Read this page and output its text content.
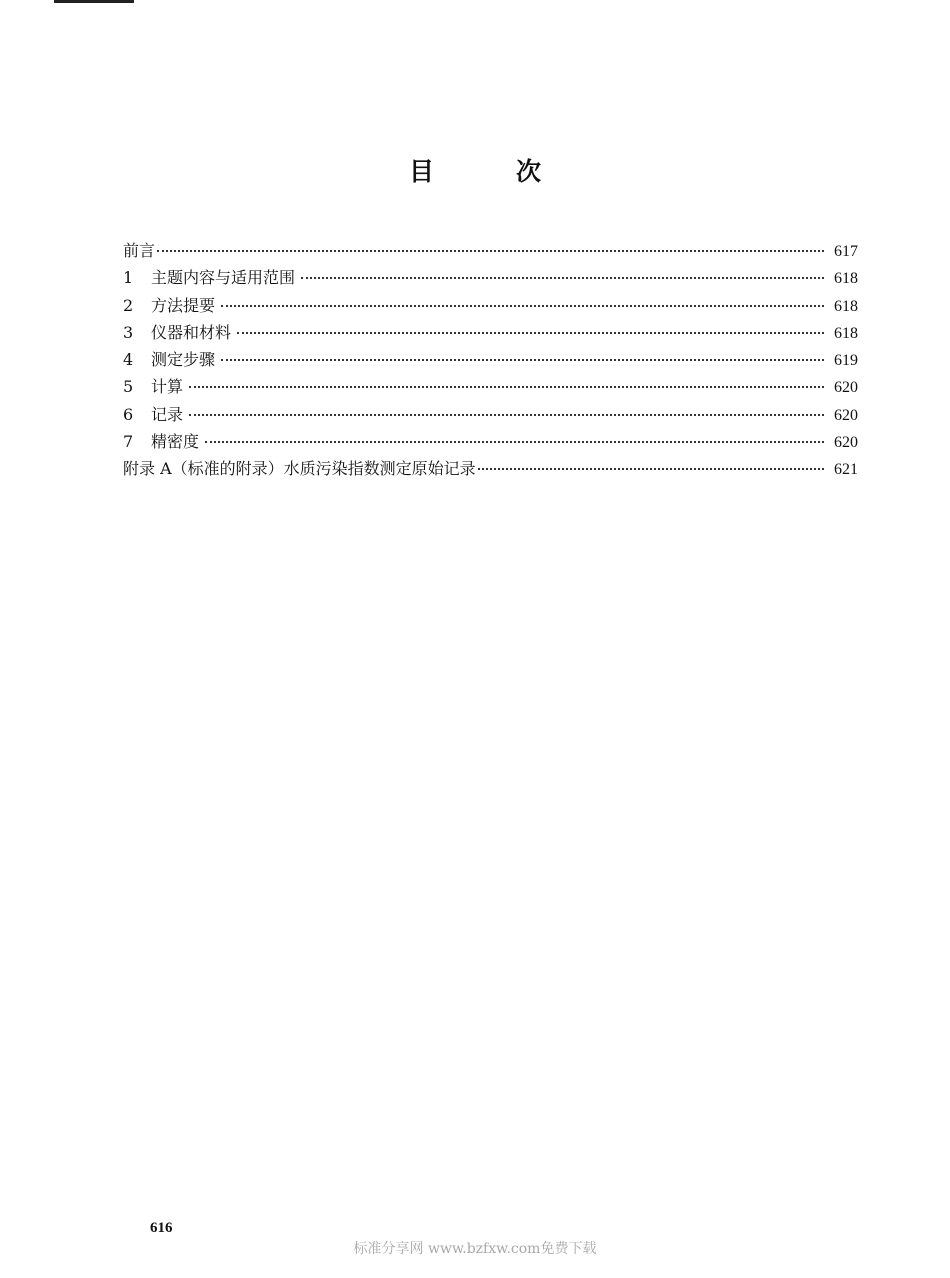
目	次
前言	617
1	主题内容与适用范围	618
2	方法提要	618
3	仪器和材料	618
4	测定步骤	619
5	计算	620
6	记录	620
7	精密度	620
附录 A（标准的附录）水质污染指数测定原始记录	621
616
标准分享网 www.bzfxw.com免费下载
